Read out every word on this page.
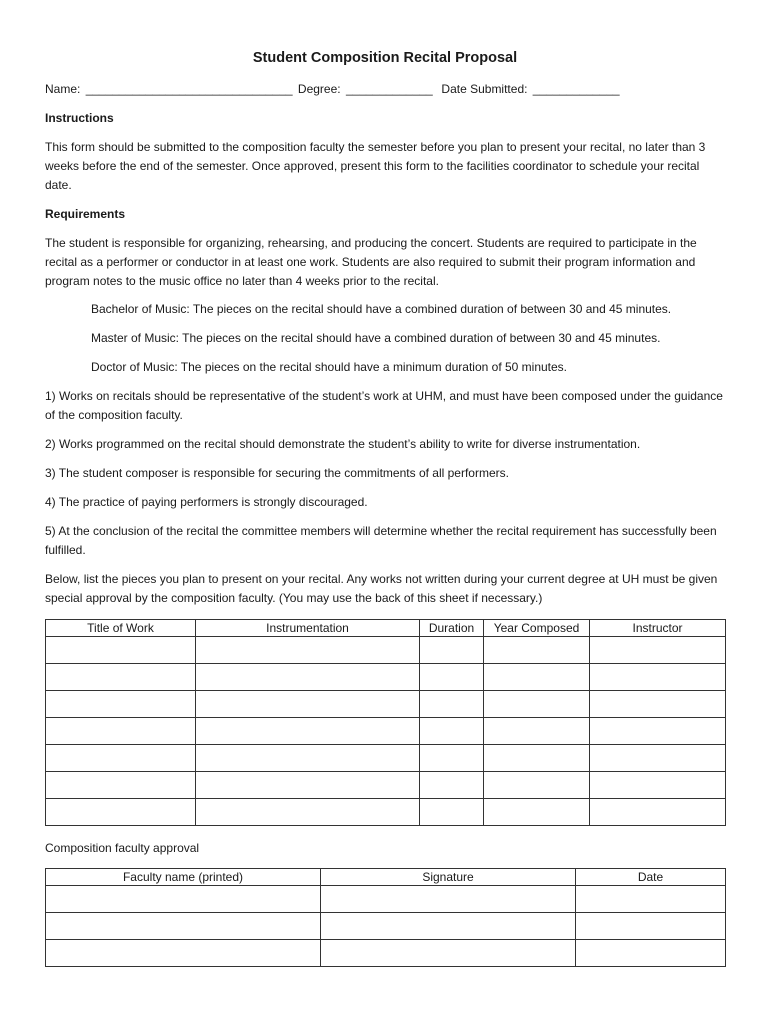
Student Composition Recital Proposal

Name: _______________________________ Degree: _____________ Date Submitted: _____________

Instructions

This form should be submitted to the composition faculty the semester before you plan to present your recital, no later than 3 weeks before the end of the semester. Once approved, present this form to the facilities coordinator to schedule your recital date.

Requirements

The student is responsible for organizing, rehearsing, and producing the concert. Students are required to participate in the recital as a performer or conductor in at least one work. Students are also required to submit their program information and program notes to the music office no later than 4 weeks prior to the recital.

Bachelor of Music: The pieces on the recital should have a combined duration of between 30 and 45 minutes.

Master of Music: The pieces on the recital should have a combined duration of between 30 and 45 minutes.

Doctor of Music: The pieces on the recital should have a minimum duration of 50 minutes.

1) Works on recitals should be representative of the student’s work at UHM, and must have been composed under the guidance of the composition faculty.

2) Works programmed on the recital should demonstrate the student’s ability to write for diverse instrumentation.

3) The student composer is responsible for securing the commitments of all performers.

4) The practice of paying performers is strongly discouraged.

5) At the conclusion of the recital the committee members will determine whether the recital requirement has successfully been fulfilled.

Below, list the pieces you plan to present on your recital. Any works not written during your current degree at UH must be given special approval by the composition faculty. (You may use the back of this sheet if necessary.)

Title of Work	Instrumentation	Duration	Year Composed	Instructor

Composition faculty approval

Faculty name (printed)	Signature	Date
